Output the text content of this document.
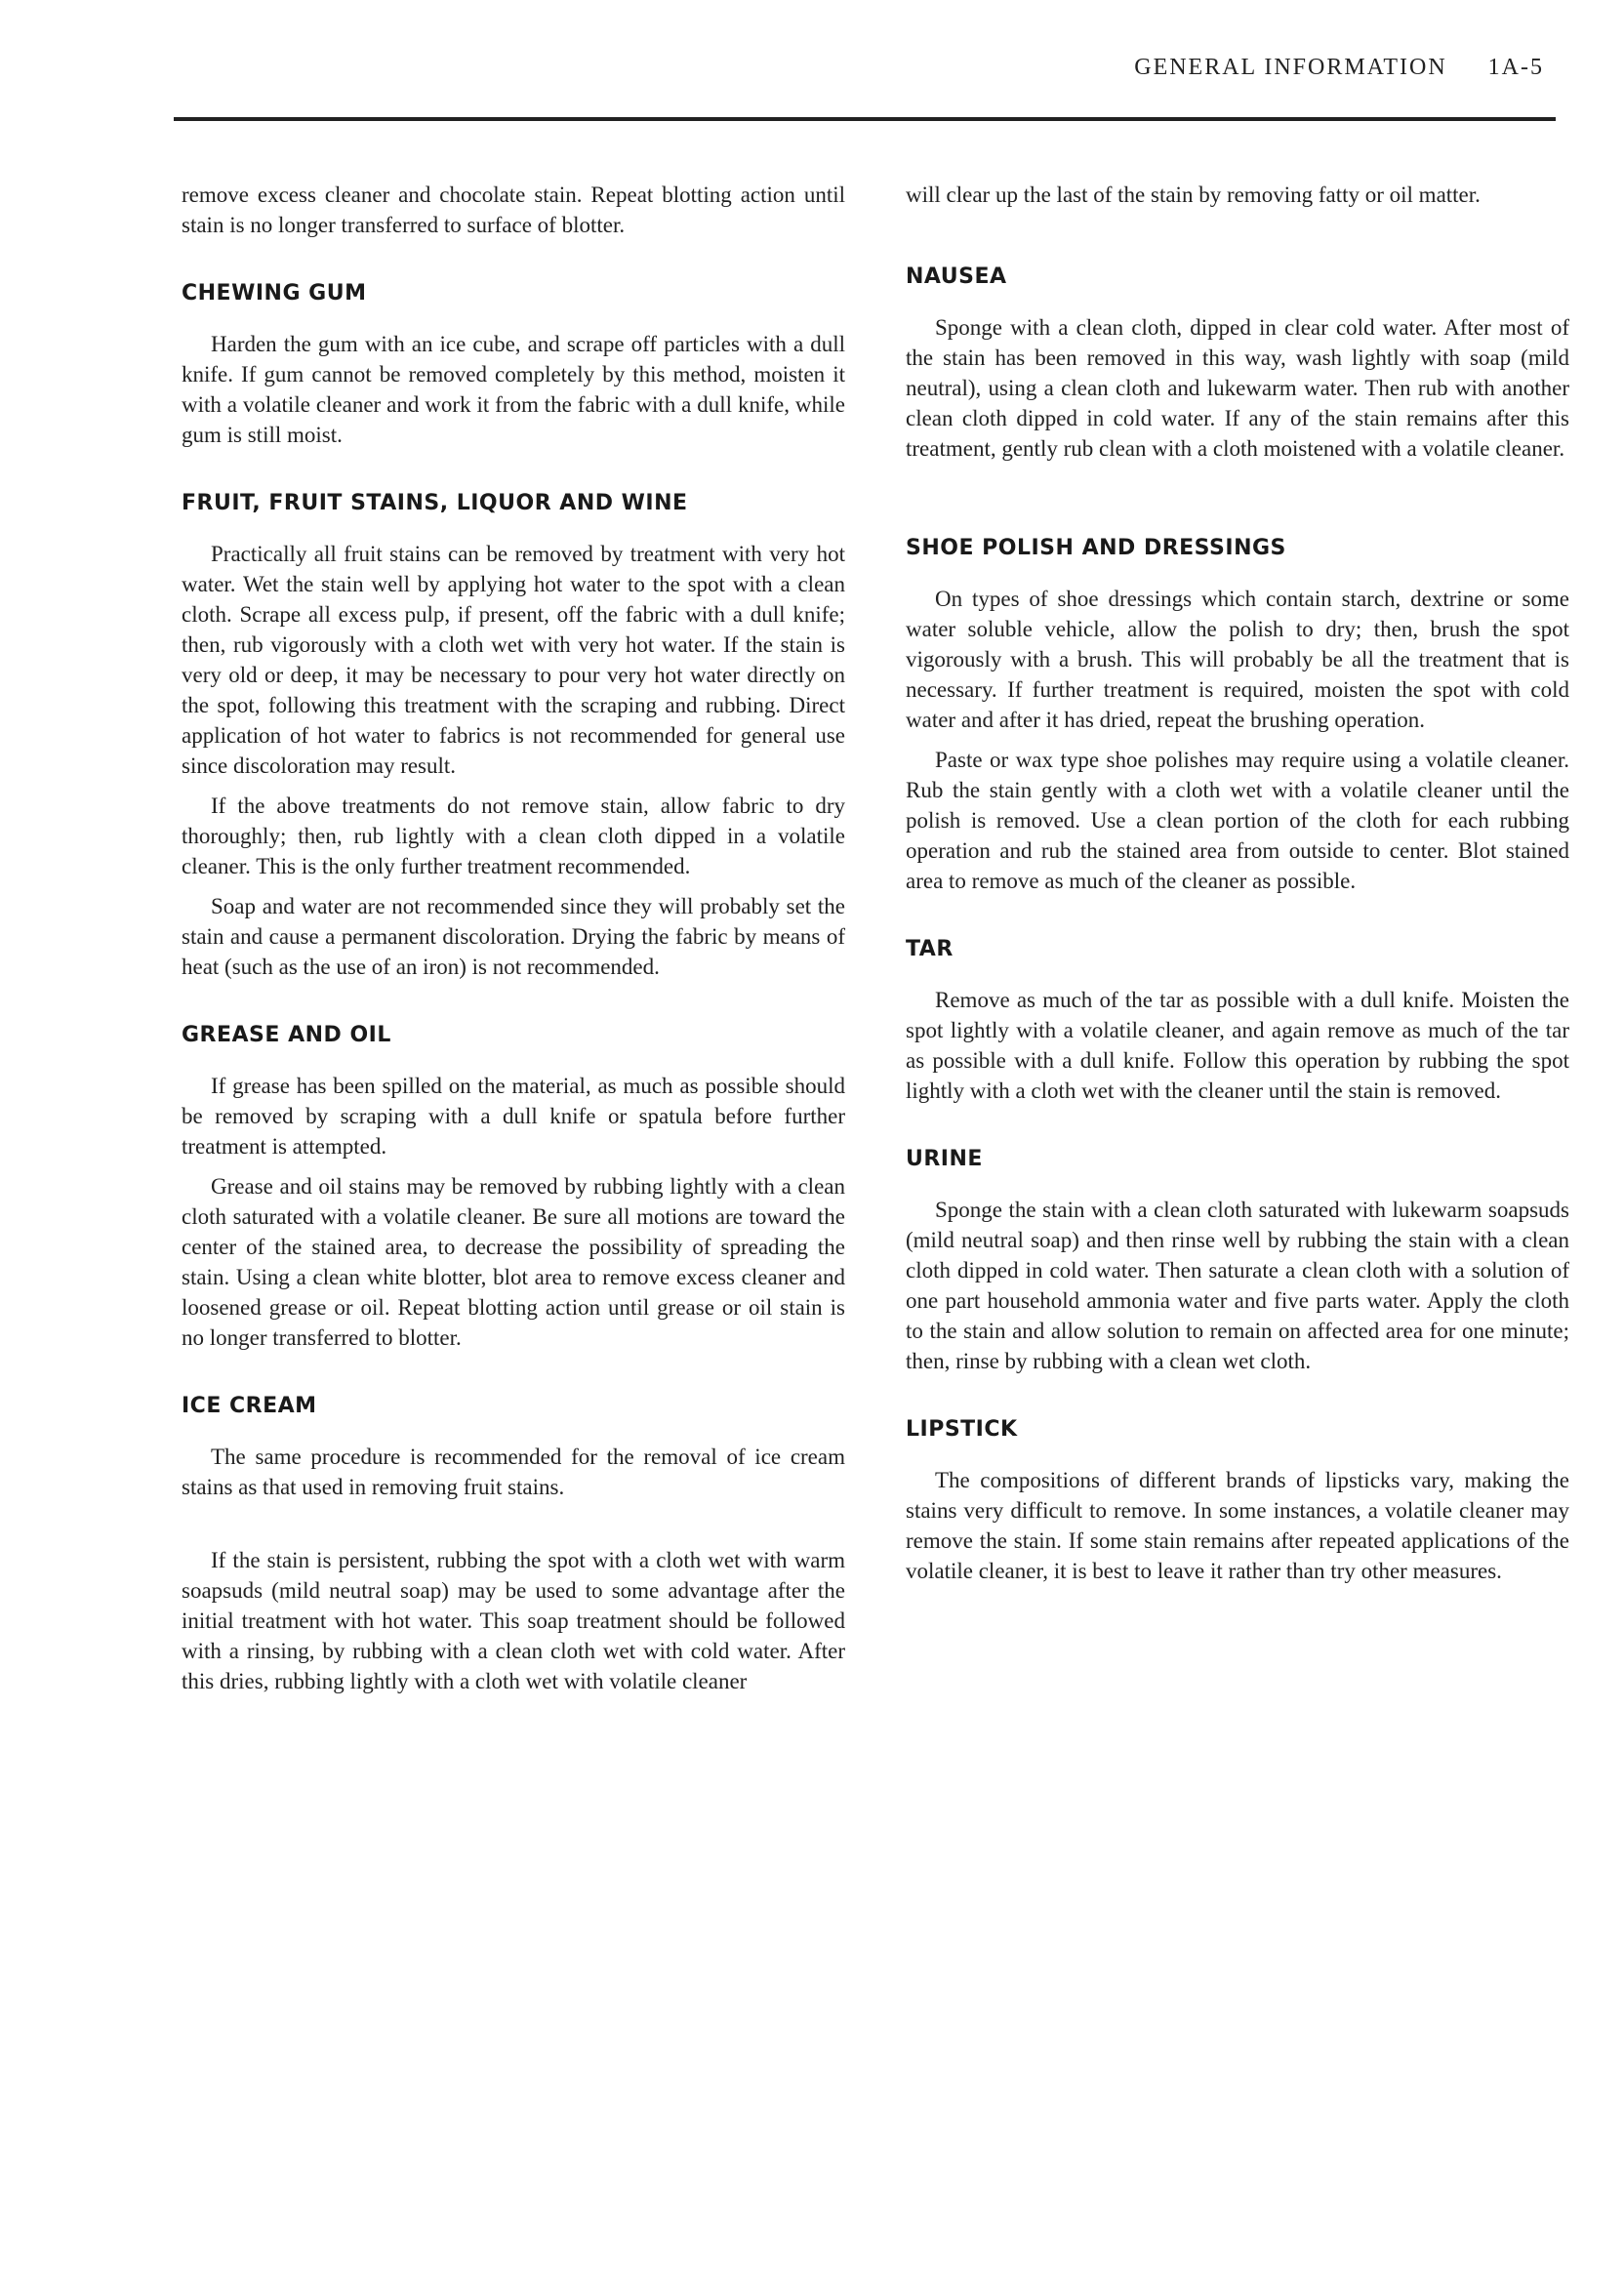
GENERAL INFORMATION 1A-5

remove excess cleaner and chocolate stain. Repeat blotting action until stain is no longer transferred to surface of blotter.

CHEWING GUM

Harden the gum with an ice cube, and scrape off particles with a dull knife. If gum cannot be removed completely by this method, moisten it with a volatile cleaner and work it from the fabric with a dull knife, while gum is still moist.

FRUIT, FRUIT STAINS, LIQUOR AND WINE

Practically all fruit stains can be removed by treatment with very hot water. Wet the stain well by applying hot water to the spot with a clean cloth. Scrape all excess pulp, if present, off the fabric with a dull knife; then, rub vigorously with a cloth wet with very hot water. If the stain is very old or deep, it may be necessary to pour very hot water directly on the spot, following this treatment with the scraping and rubbing. Direct application of hot water to fabrics is not recommended for general use since discoloration may result.

If the above treatments do not remove stain, allow fabric to dry thoroughly; then, rub lightly with a clean cloth dipped in a volatile cleaner. This is the only further treatment recommended.

Soap and water are not recommended since they will probably set the stain and cause a permanent discoloration. Drying the fabric by means of heat (such as the use of an iron) is not recommended.

GREASE AND OIL

If grease has been spilled on the material, as much as possible should be removed by scraping with a dull knife or spatula before further treatment is attempted.

Grease and oil stains may be removed by rubbing lightly with a clean cloth saturated with a volatile cleaner. Be sure all motions are toward the center of the stained area, to decrease the possibility of spreading the stain. Using a clean white blotter, blot area to remove excess cleaner and loosened grease or oil. Repeat blotting action until grease or oil stain is no longer transferred to blotter.

ICE CREAM

The same procedure is recommended for the removal of ice cream stains as that used in removing fruit stains.

If the stain is persistent, rubbing the spot with a cloth wet with warm soapsuds (mild neutral soap) may be used to some advantage after the initial treatment with hot water. This soap treatment should be followed with a rinsing, by rubbing with a clean cloth wet with cold water. After this dries, rubbing lightly with a cloth wet with volatile cleaner

will clear up the last of the stain by removing fatty or oil matter.

NAUSEA

Sponge with a clean cloth, dipped in clear cold water. After most of the stain has been removed in this way, wash lightly with soap (mild neutral), using a clean cloth and lukewarm water. Then rub with another clean cloth dipped in cold water. If any of the stain remains after this treatment, gently rub clean with a cloth moistened with a volatile cleaner.

SHOE POLISH AND DRESSINGS

On types of shoe dressings which contain starch, dextrine or some water soluble vehicle, allow the polish to dry; then, brush the spot vigorously with a brush. This will probably be all the treatment that is necessary. If further treatment is required, moisten the spot with cold water and after it has dried, repeat the brushing operation.

Paste or wax type shoe polishes may require using a volatile cleaner. Rub the stain gently with a cloth wet with a volatile cleaner until the polish is removed. Use a clean portion of the cloth for each rubbing operation and rub the stained area from outside to center. Blot stained area to remove as much of the cleaner as possible.

TAR

Remove as much of the tar as possible with a dull knife. Moisten the spot lightly with a volatile cleaner, and again remove as much of the tar as possible with a dull knife. Follow this operation by rubbing the spot lightly with a cloth wet with the cleaner until the stain is removed.

URINE

Sponge the stain with a clean cloth saturated with lukewarm soapsuds (mild neutral soap) and then rinse well by rubbing the stain with a clean cloth dipped in cold water. Then saturate a clean cloth with a solution of one part household ammonia water and five parts water. Apply the cloth to the stain and allow solution to remain on affected area for one minute; then, rinse by rubbing with a clean wet cloth.

LIPSTICK

The compositions of different brands of lipsticks vary, making the stains very difficult to remove. In some instances, a volatile cleaner may remove the stain. If some stain remains after repeated applications of the volatile cleaner, it is best to leave it rather than try other measures.
